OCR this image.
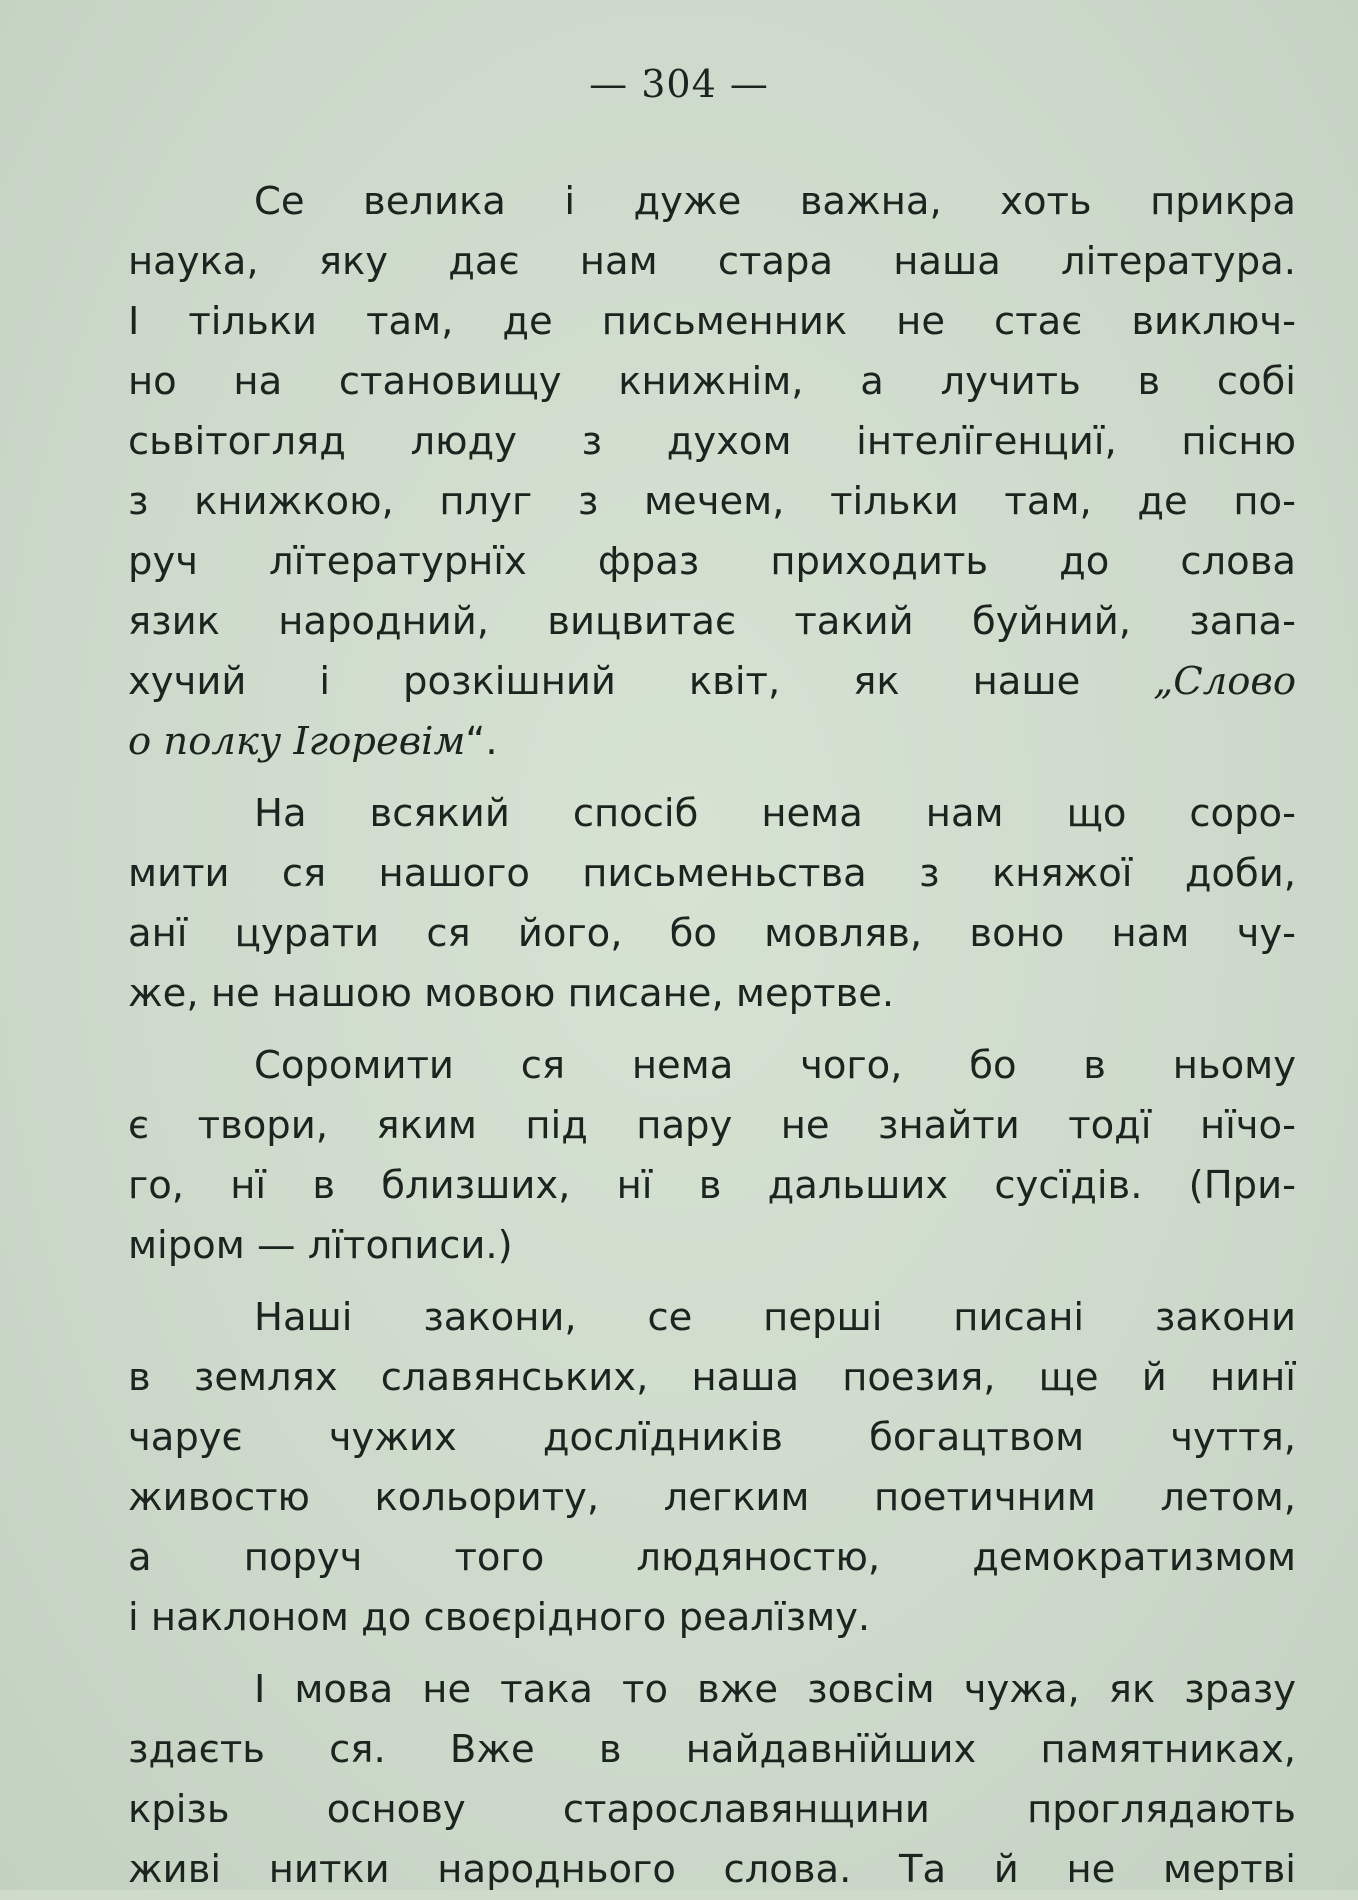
— 304 —
Се велика і дуже важна, хоть прикра
наука, яку дає нам стара наша література.
І тільки там, де письменник не стає виключ-
но на становищу книжнім, а лучить в собі
сьвітогляд люду з духом інтелїгенциї, пісню
з книжкою, плуг з мечем, тільки там, де по-
руч лїтературнїх фраз приходить до слова
язик народний, вицвитає такий буйний, запа-
хучий і розкішний квіт, як наше „Слово
о полку Ігоревім“.
На всякий спосіб нема нам що соро-
мити ся нашого письменьства з княжої доби,
анї цурати ся його, бо мовляв, воно нам чу-
же, не нашою мовою писане, мертве.
Соромити ся нема чого, бо в ньому
є твори, яким під пару не знайти тодї нїчо-
го, нї в близших, нї в дальших сусїдів. (При-
міром — лїтописи.)
Наші закони, се перші писані закони
в землях славянських, наша поезия, ще й нинї
чарує чужих дослїдників богацтвом чуття,
живостю кольориту, легким поетичним летом,
а поруч того людяностю, демократизмом
і наклоном до своєрідного реалїзму.
І мова не така то вже зовсім чужа, як зразу
здаєть ся. Вже в найдавнїйших памятниках,
крізь основу старославянщини проглядають
живі нитки народнього слова. Та й не мертві
